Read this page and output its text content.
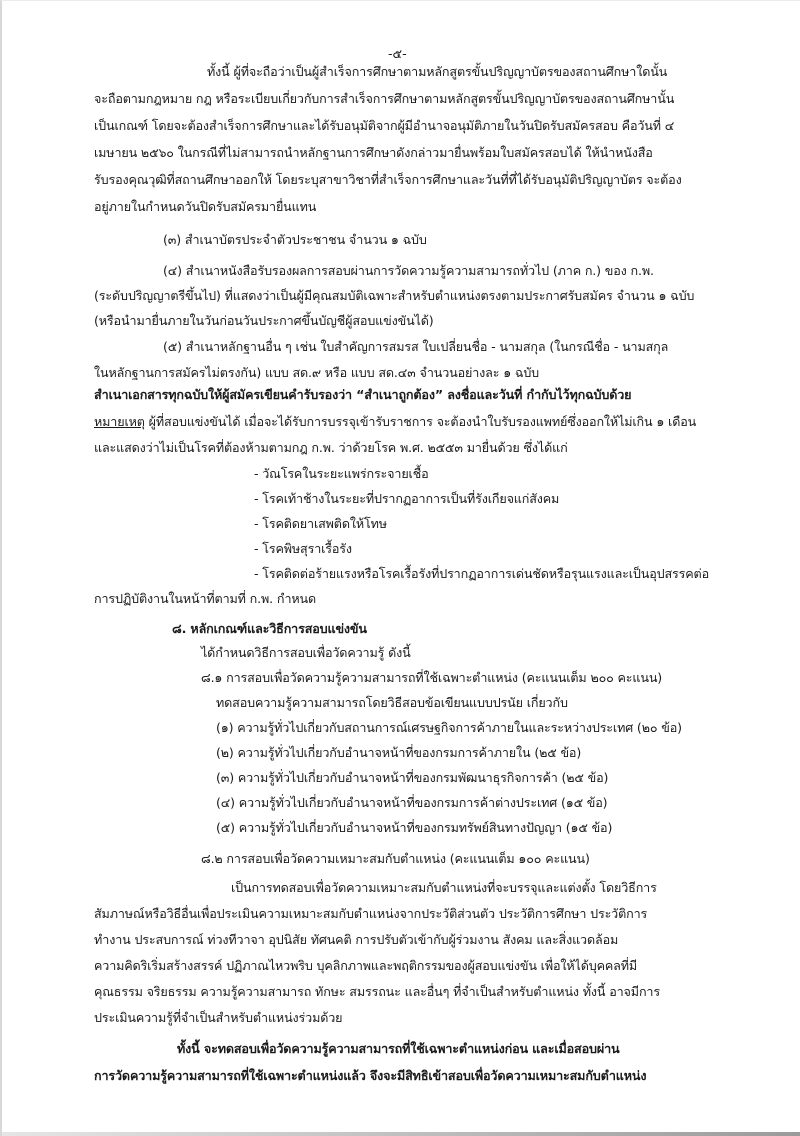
-๕-
ทั้งนี้ ผู้ที่จะถือว่าเป็นผู้สำเร็จการศึกษาตามหลักสูตรขั้นปริญญาบัตรของสถานศึกษาใดนั้น
จะถือตามกฎหมาย กฎ หรือระเบียบเกี่ยวกับการสำเร็จการศึกษาตามหลักสูตรขั้นปริญญาบัตรของสถานศึกษานั้น
เป็นเกณฑ์ โดยจะต้องสำเร็จการศึกษาและได้รับอนุมัติจากผู้มีอำนาจอนุมัติภายในวันปิดรับสมัครสอบ คือวันที่ ๔
เมษายน ๒๕๖๐ ในกรณีที่ไม่สามารถนำหลักฐานการศึกษาดังกล่าวมายื่นพร้อมใบสมัครสอบได้ ให้นำหนังสือ
รับรองคุณวุฒิที่สถานศึกษาออกให้ โดยระบุสาขาวิชาที่สำเร็จการศึกษาและวันที่ที่ได้รับอนุมัติปริญญาบัตร จะต้อง
อยู่ภายในกำหนดวันปิดรับสมัครมายื่นแทน
(๓) สำเนาบัตรประจำตัวประชาชน จำนวน ๑ ฉบับ
(๔) สำเนาหนังสือรับรองผลการสอบผ่านการวัดความรู้ความสามารถทั่วไป (ภาค ก.) ของ ก.พ.
(ระดับปริญญาตรีขึ้นไป) ที่แสดงว่าเป็นผู้มีคุณสมบัติเฉพาะสำหรับตำแหน่งตรงตามประกาศรับสมัคร จำนวน ๑ ฉบับ
(หรือนำมายื่นภายในวันก่อนวันประกาศขึ้นบัญชีผู้สอบแข่งขันได้)
(๕) สำเนาหลักฐานอื่น ๆ เช่น ใบสำคัญการสมรส ใบเปลี่ยนชื่อ - นามสกุล (ในกรณีชื่อ - นามสกุล
ในหลักฐานการสมัครไม่ตรงกัน) แบบ สด.๙ หรือ แบบ สด.๔๓ จำนวนอย่างละ ๑ ฉบับ
สำเนาเอกสารทุกฉบับให้ผู้สมัครเขียนคำรับรองว่า “สำเนาถูกต้อง” ลงชื่อและวันที่ กำกับไว้ทุกฉบับด้วย
หมายเหตุ ผู้ที่สอบแข่งขันได้ เมื่อจะได้รับการบรรจุเข้ารับราชการ จะต้องนำใบรับรองแพทย์ซึ่งออกให้ไม่เกิน ๑ เดือน
และแสดงว่าไม่เป็นโรคที่ต้องห้ามตามกฎ ก.พ. ว่าด้วยโรค พ.ศ. ๒๕๕๓ มายื่นด้วย ซึ่งได้แก่
- วัณโรคในระยะแพร่กระจายเชื้อ
- โรคเท้าช้างในระยะที่ปรากฏอาการเป็นที่รังเกียจแก่สังคม
- โรคติดยาเสพติดให้โทษ
- โรคพิษสุราเรื้อรัง
- โรคติดต่อร้ายแรงหรือโรคเรื้อรังที่ปรากฏอาการเด่นชัดหรือรุนแรงและเป็นอุปสรรคต่อ
การปฏิบัติงานในหน้าที่ตามที่ ก.พ. กำหนด
๘. หลักเกณฑ์และวิธีการสอบแข่งขัน
ได้กำหนดวิธีการสอบเพื่อวัดความรู้ ดังนี้
๘.๑ การสอบเพื่อวัดความรู้ความสามารถที่ใช้เฉพาะตำแหน่ง (คะแนนเต็ม ๒๐๐ คะแนน)
ทดสอบความรู้ความสามารถโดยวิธีสอบข้อเขียนแบบปรนัย เกี่ยวกับ
(๑) ความรู้ทั่วไปเกี่ยวกับสถานการณ์เศรษฐกิจการค้าภายในและระหว่างประเทศ (๒๐ ข้อ)
(๒) ความรู้ทั่วไปเกี่ยวกับอำนาจหน้าที่ของกรมการค้าภายใน (๒๕ ข้อ)
(๓) ความรู้ทั่วไปเกี่ยวกับอำนาจหน้าที่ของกรมพัฒนาธุรกิจการค้า (๒๕ ข้อ)
(๔) ความรู้ทั่วไปเกี่ยวกับอำนาจหน้าที่ของกรมการค้าต่างประเทศ (๑๕ ข้อ)
(๕) ความรู้ทั่วไปเกี่ยวกับอำนาจหน้าที่ของกรมทรัพย์สินทางปัญญา (๑๕ ข้อ)
๘.๒ การสอบเพื่อวัดความเหมาะสมกับตำแหน่ง (คะแนนเต็ม ๑๐๐ คะแนน)
เป็นการทดสอบเพื่อวัดความเหมาะสมกับตำแหน่งที่จะบรรจุและแต่งตั้ง โดยวิธีการ
สัมภาษณ์หรือวิธีอื่นเพื่อประเมินความเหมาะสมกับตำแหน่งจากประวัติส่วนตัว ประวัติการศึกษา ประวัติการ
ทำงาน ประสบการณ์ ท่วงทีวาจา อุปนิสัย ทัศนคติ การปรับตัวเข้ากับผู้ร่วมงาน สังคม และสิ่งแวดล้อม
ความคิดริเริ่มสร้างสรรค์ ปฏิภาณไหวพริบ บุคลิกภาพและพฤติกรรมของผู้สอบแข่งขัน เพื่อให้ได้บุคคลที่มี
คุณธรรม จริยธรรม ความรู้ความสามารถ ทักษะ สมรรถนะ และอื่นๆ ที่จำเป็นสำหรับตำแหน่ง ทั้งนี้ อาจมีการ
ประเมินความรู้ที่จำเป็นสำหรับตำแหน่งร่วมด้วย
ทั้งนี้ จะทดสอบเพื่อวัดความรู้ความสามารถที่ใช้เฉพาะตำแหน่งก่อน และเมื่อสอบผ่าน
การวัดความรู้ความสามารถที่ใช้เฉพาะตำแหน่งแล้ว จึงจะมีสิทธิเข้าสอบเพื่อวัดความเหมาะสมกับตำแหน่ง
